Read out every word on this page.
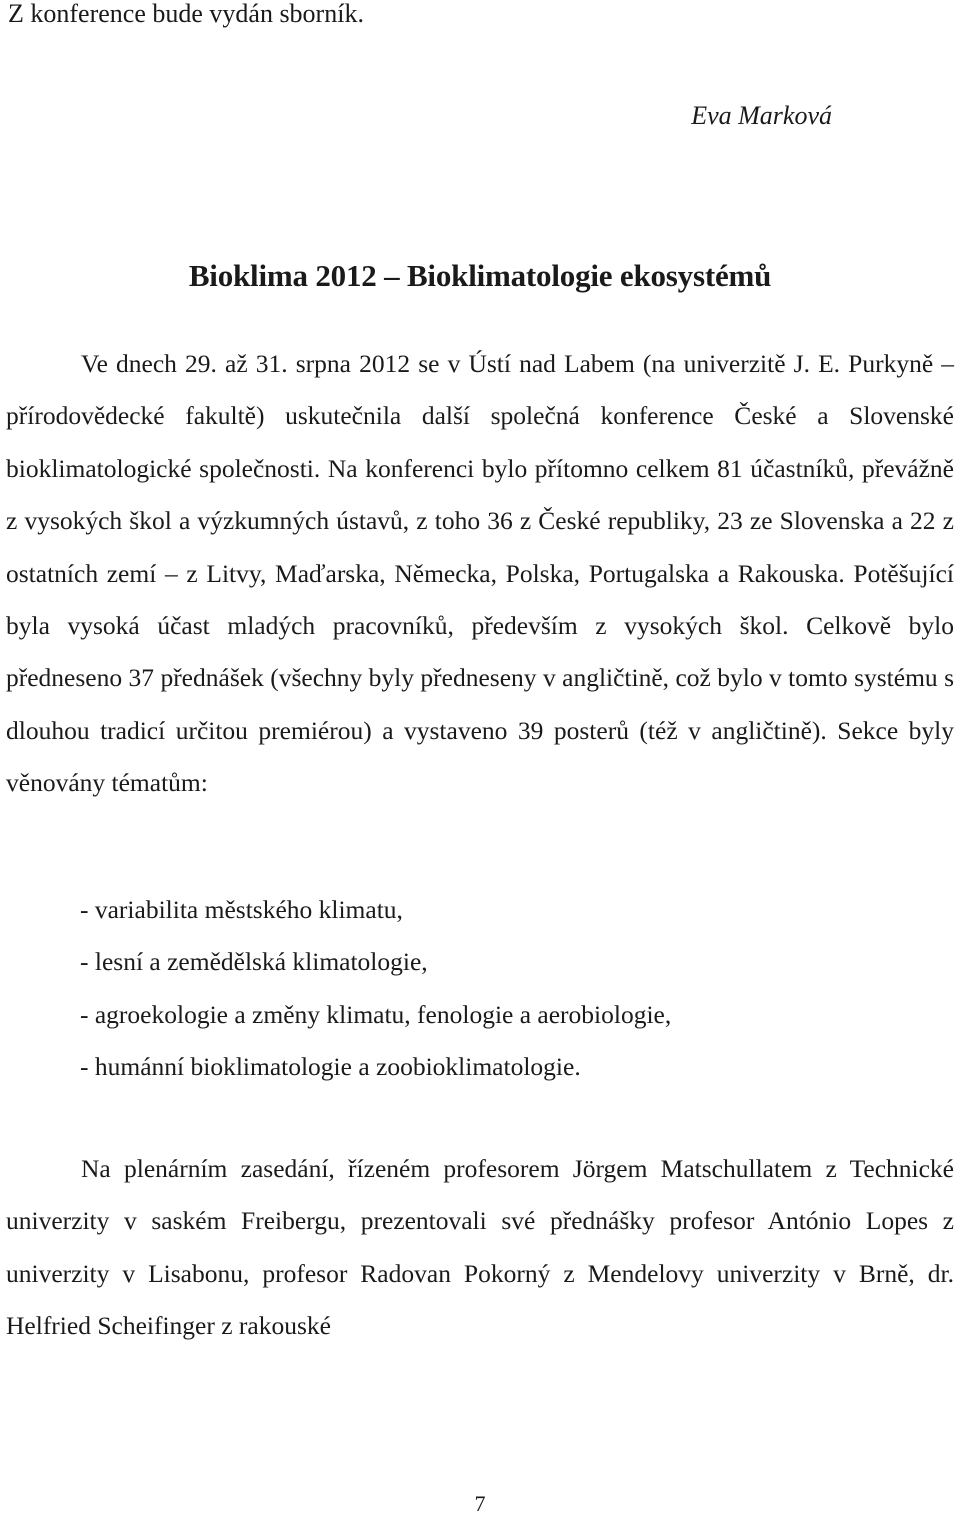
Z konference bude vydán sborník.
Eva Marková
Bioklima 2012 – Bioklimatologie ekosystémů

Ve dnech 29. až 31. srpna 2012 se v Ústí nad Labem (na univerzitě J. E. Purkyně – přírodovědecké fakultě) uskutečnila další společná konference České a Slovenské bioklimatologické společnosti. Na konferenci bylo přítomno celkem 81 účastníků, převážně z vysokých škol a výzkumných ústavů, z toho 36 z České republiky, 23 ze Slovenska a 22 z ostatních zemí – z Litvy, Maďarska, Německa, Polska, Portugalska a Rakouska. Potěšující byla vysoká účast mladých pracovníků, především z vysokých škol. Celkově bylo předneseno 37 přednášek (všechny byly předneseny v angličtině, což bylo v tomto systému s dlouhou tradicí určitou premiérou) a vystaveno 39 posterů (též v angličtině). Sekce byly věnovány tématům:

- variabilita městského klimatu,
- lesní a zemědělská klimatologie,
- agroekologie a změny klimatu, fenologie a aerobiologie,
- humánní bioklimatologie a zoobioklimatologie.

Na plenárním zasedání, řízeném profesorem Jörgem Matschullatem z Technické univerzity v saském Freibergu, prezentovali své přednášky profesor António Lopes z univerzity v Lisabonu, profesor Radovan Pokorný z Mendelovy univerzity v Brně, dr. Helfried Scheifinger z rakouské

7
